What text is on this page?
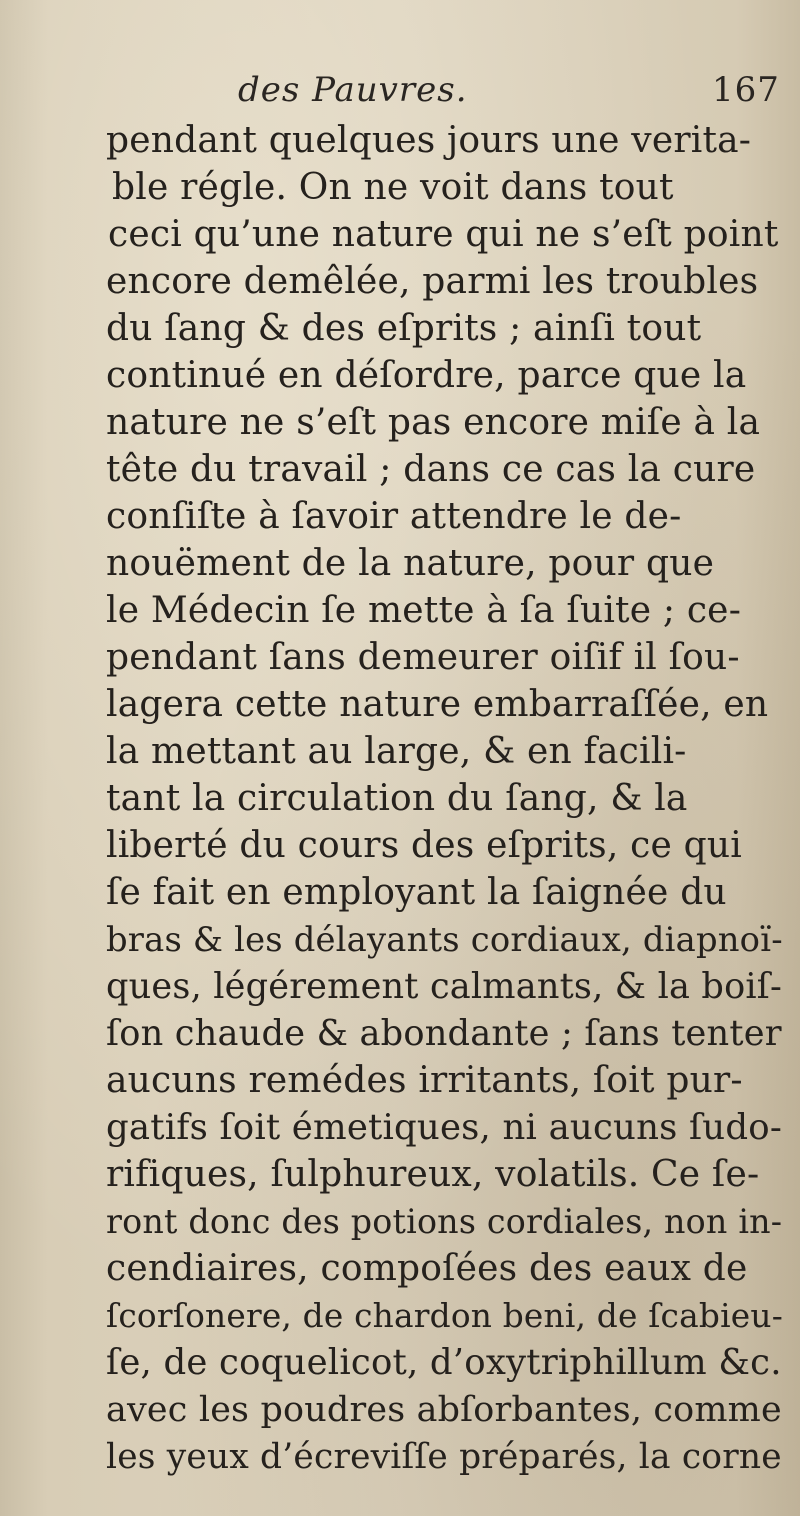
des Pauvres.	167
pendant quelques jours une verita-
ble régle. On ne voit dans tout
ceci qu’une nature qui ne s’eſt point
encore demêlée, parmi les troubles
du ſang & des eſprits ; ainſi tout
continué en déſordre, parce que la
nature ne s’eſt pas encore miſe à la
tête du travail ; dans ce cas la cure
conſiſte à ſavoir attendre le de-
nouëment de la nature, pour que
le Médecin ſe mette à ſa ſuite ; ce-
pendant ſans demeurer oiſif il ſou-
lagera cette nature embarraſſée, en
la mettant au large, & en facili-
tant la circulation du ſang, & la
liberté du cours des eſprits, ce qui
ſe fait en employant la ſaignée du
bras & les délayants cordiaux, diapnoï-
ques, légérement calmants, & la boiſ-
ſon chaude & abondante ; ſans tenter
aucuns remédes irritants, ſoit pur-
gatifs ſoit émetiques, ni aucuns ſudo-
rifiques, ſulphureux, volatils. Ce ſe-
ront donc des potions cordiales, non in-
cendiaires, compoſées des eaux de
ſcorſonere, de chardon beni, de ſcabieu-
ſe, de coquelicot, d’oxytriphillum &c.
avec les poudres abſorbantes, comme
les yeux d’écreviſſe préparés, la corne
